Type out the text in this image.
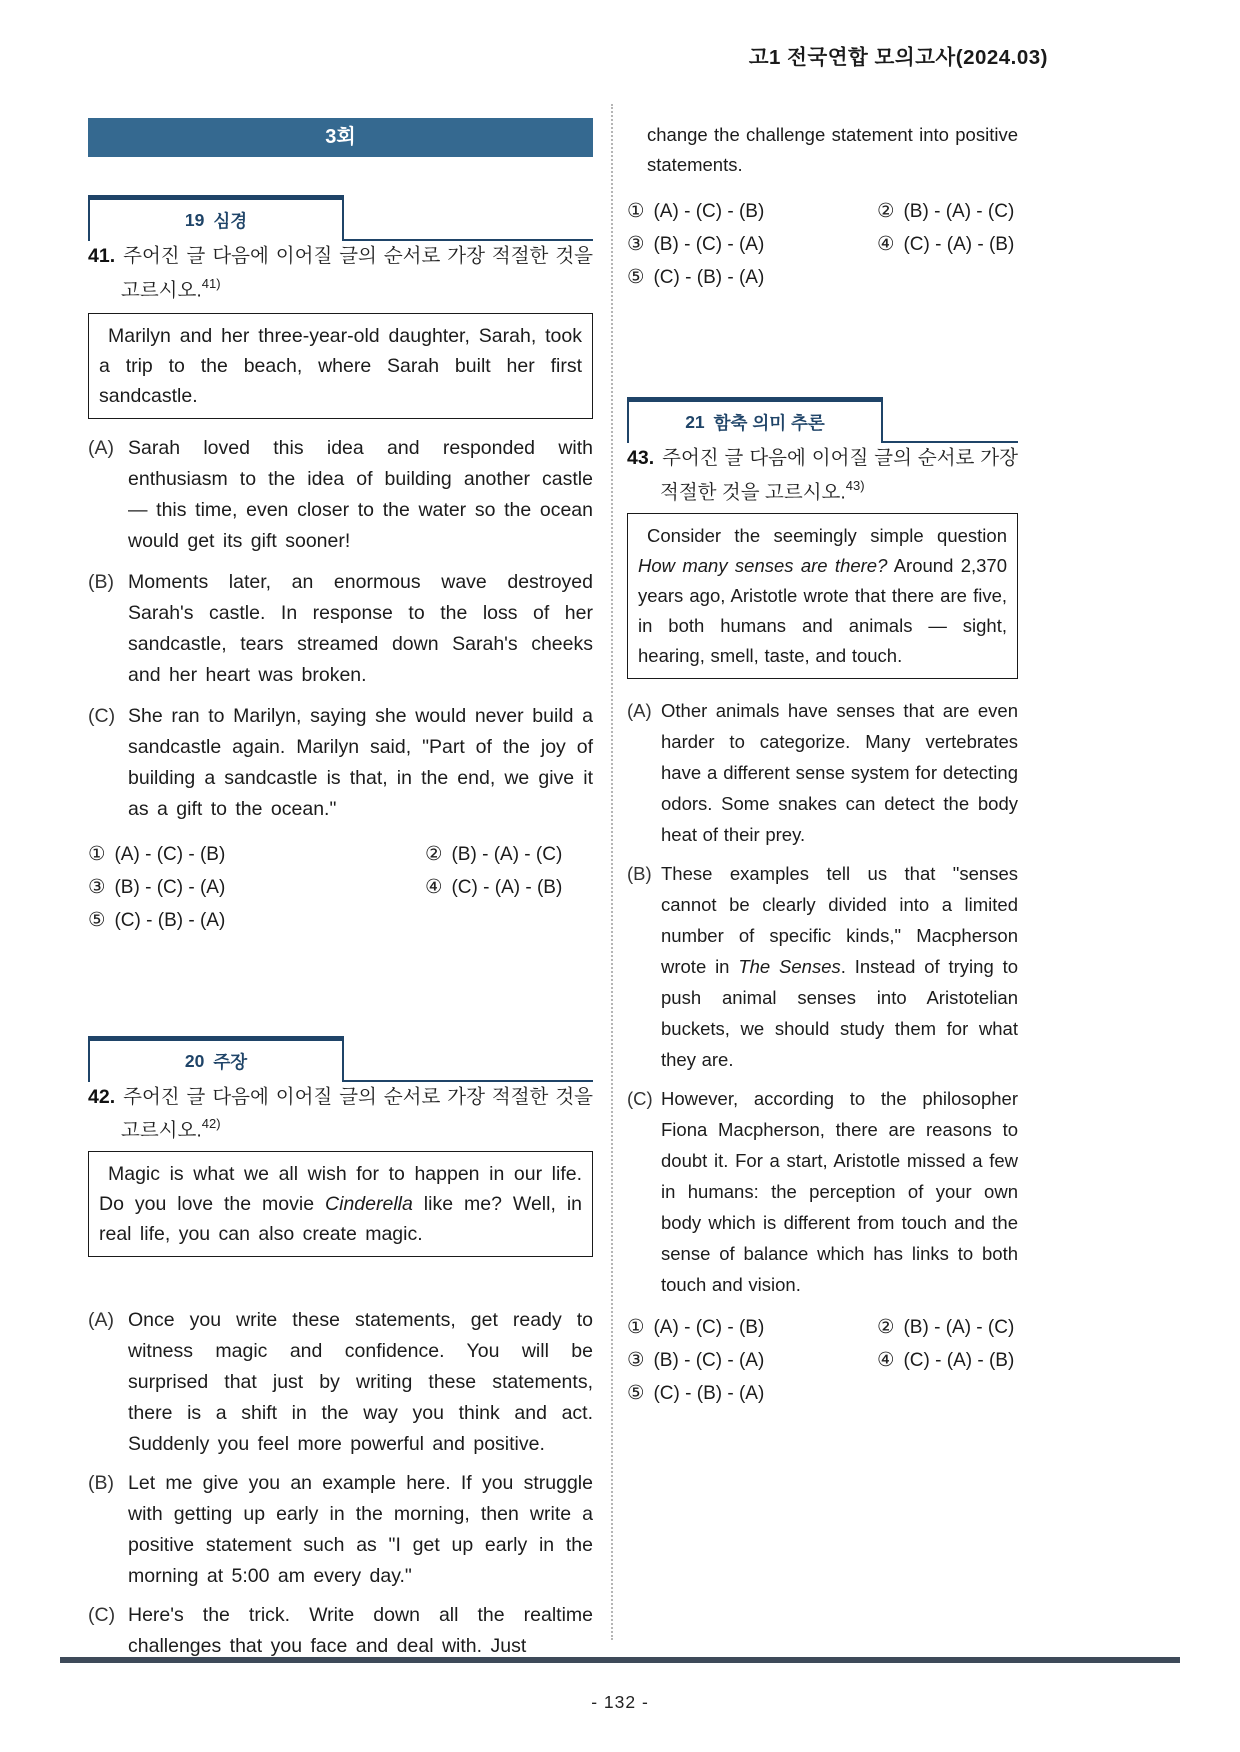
고1 전국연합 모의고사(2024.03)
3회
19 심경
41. 주어진 글 다음에 이어질 글의 순서로 가장 적절한 것을 고르시오.$^{41)}$

Marilyn and her three-year-old daughter, Sarah, took a trip to the beach, where Sarah built her first sandcastle.

(A) Sarah loved this idea and responded with enthusiasm to the idea of building another castle — this time, even closer to the water so the ocean would get its gift sooner!
(B) Moments later, an enormous wave destroyed Sarah's castle. In response to the loss of her sandcastle, tears streamed down Sarah's cheeks and her heart was broken.
(C) She ran to Marilyn, saying she would never build a sandcastle again. Marilyn said, "Part of the joy of building a sandcastle is that, in the end, we give it as a gift to the ocean."
① (A) - (C) - (B)	② (B) - (A) - (C)
③ (B) - (C) - (A)	④ (C) - (A) - (B)
⑤ (C) - (B) - (A)
20 주장
42. 주어진 글 다음에 이어질 글의 순서로 가장 적절한 것을 고르시오.$^{42)}$

Magic is what we all wish for to happen in our life. Do you love the movie Cinderella like me? Well, in real life, you can also create magic.

(A) Once you write these statements, get ready to witness magic and confidence. You will be surprised that just by writing these statements, there is a shift in the way you think and act. Suddenly you feel more powerful and positive.
(B) Let me give you an example here. If you struggle with getting up early in the morning, then write a positive statement such as "I get up early in the morning at 5:00 am every day."
(C) Here's the trick. Write down all the realtime challenges that you face and deal with. Just
change the challenge statement into positive statements.
① (A) - (C) - (B)	② (B) - (A) - (C)
③ (B) - (C) - (A)	④ (C) - (A) - (B)
⑤ (C) - (B) - (A)
21 함축 의미 추론
43. 주어진 글 다음에 이어질 글의 순서로 가장 적절한 것을 고르시오.$^{43)}$

Consider the seemingly simple question How many senses are there? Around 2,370 years ago, Aristotle wrote that there are five, in both humans and animals — sight, hearing, smell, taste, and touch.

(A) Other animals have senses that are even harder to categorize. Many vertebrates have a different sense system for detecting odors. Some snakes can detect the body heat of their prey.
(B) These examples tell us that "senses cannot be clearly divided into a limited number of specific kinds," Macpherson wrote in The Senses. Instead of trying to push animal senses into Aristotelian buckets, we should study them for what they are.
(C) However, according to the philosopher Fiona Macpherson, there are reasons to doubt it. For a start, Aristotle missed a few in humans: the perception of your own body which is different from touch and the sense of balance which has links to both touch and vision.
① (A) - (C) - (B)	② (B) - (A) - (C)
③ (B) - (C) - (A)	④ (C) - (A) - (B)
⑤ (C) - (B) - (A)
- 132 -
